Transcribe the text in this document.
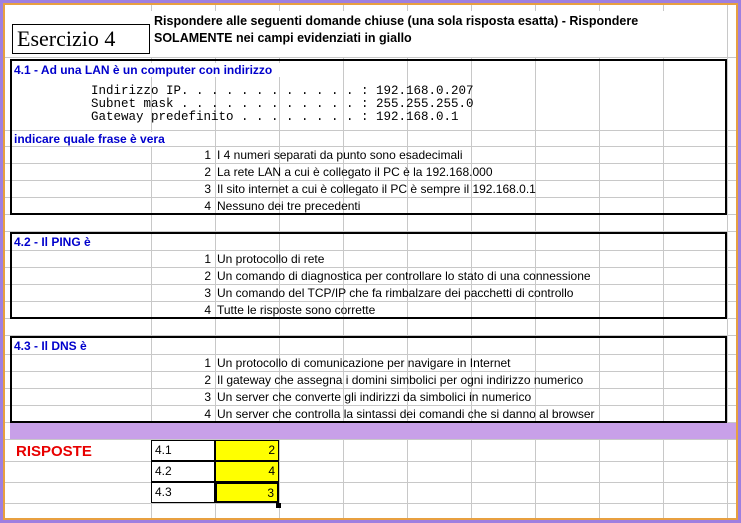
Esercizio 4
Rispondere alle seguenti domande chiuse (una sola risposta esatta) - Rispondere
SOLAMENTE nei campi evidenziati in giallo
4.1 - Ad una LAN è un computer con indirizzo
Indirizzo IP. . . . . . . . . . . . : 192.168.0.207
Subnet mask . . . . . . . . . . . . : 255.255.255.0
Gateway predefinito . . . . . . . . : 192.168.0.1
indicare quale frase è vera
1 I 4 numeri separati da punto sono esadecimali
2 La rete LAN a cui è collegato il PC è la 192.168.000
3 Il sito internet a cui è collegato il PC è sempre il 192.168.0.1
4 Nessuno dei tre precedenti
4.2 - Il PING è
1 Un protocollo di rete
2 Un comando di diagnostica per controllare lo stato di una connessione
3 Un comando del TCP/IP che fa rimbalzare dei pacchetti di controllo
4 Tutte le risposte sono corrette
4.3 - Il DNS è
1 Un protocollo di comunicazione per navigare in Internet
2 Il gateway che assegna i domini simbolici per ogni indirizzo numerico
3 Un server che converte gli indirizzi da simbolici in numerico
4 Un server che controlla la sintassi dei comandi che si danno al browser
RISPOSTE	4.1	2
4.2	4
4.3	3
